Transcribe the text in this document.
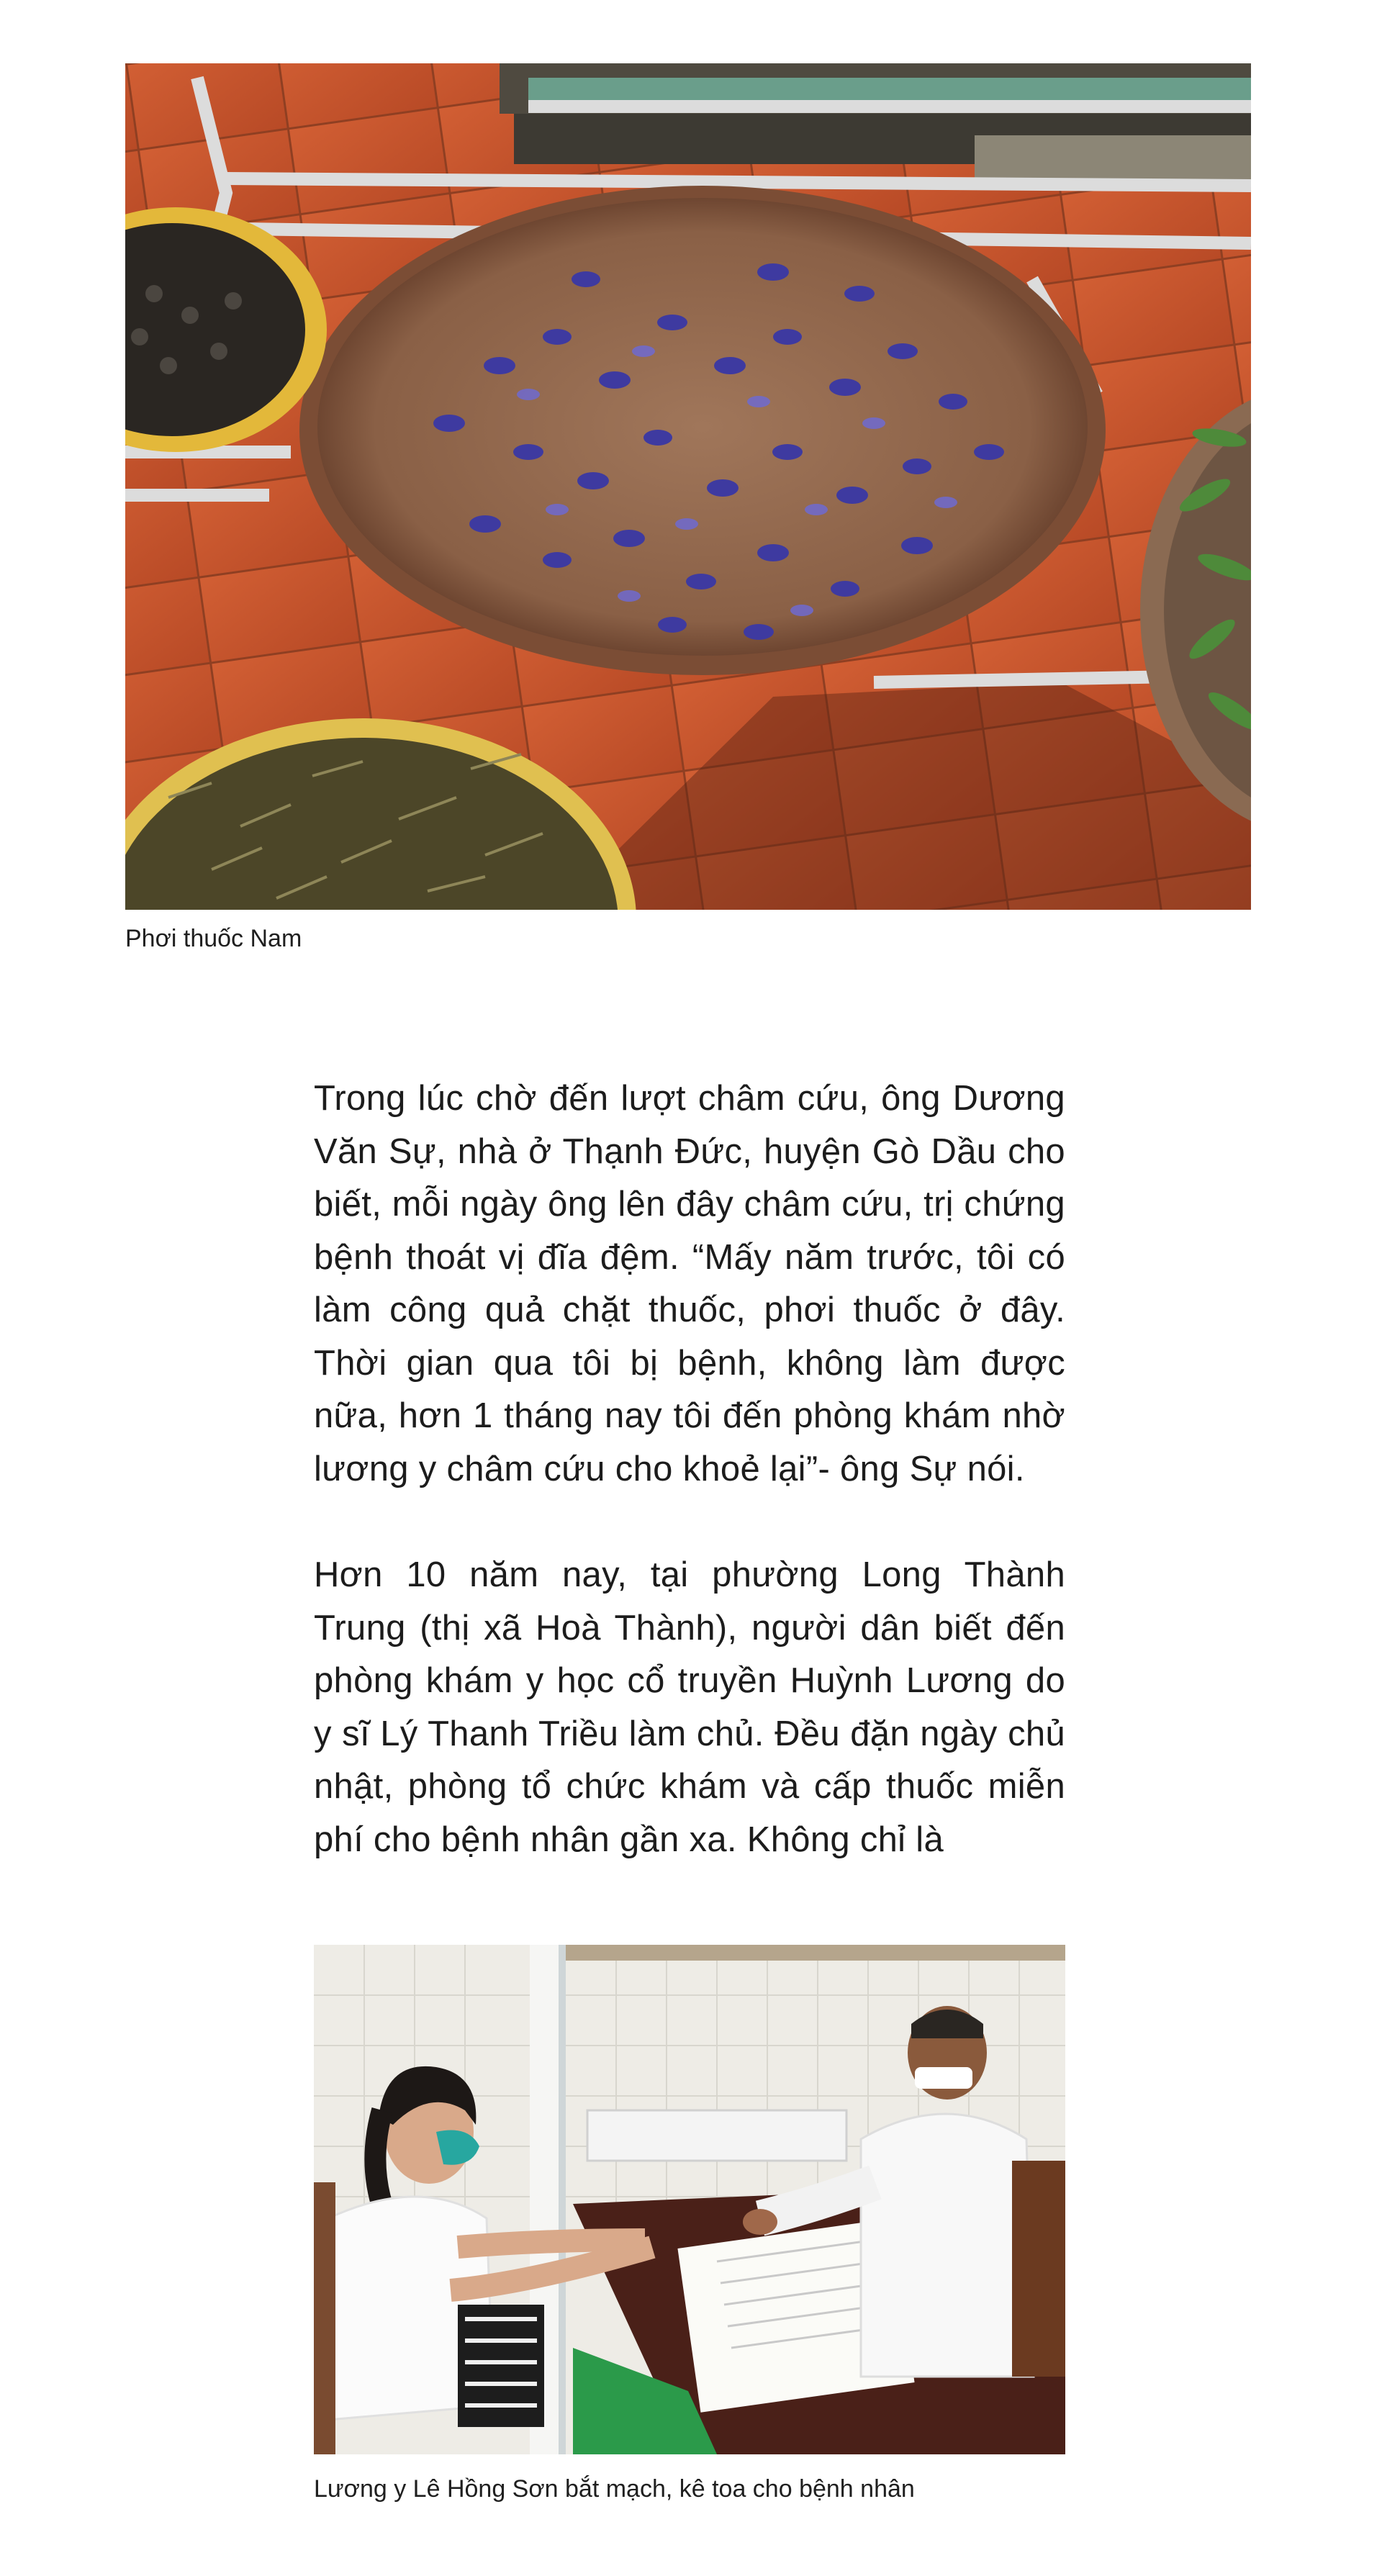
Phơi thuốc Nam

Trong lúc chờ đến lượt châm cứu, ông Dương Văn Sự, nhà ở Thạnh Đức, huyện Gò Dầu cho biết, mỗi ngày ông lên đây châm cứu, trị chứng bệnh thoát vị đĩa đệm. “Mấy năm trước, tôi có làm công quả chặt thuốc, phơi thuốc ở đây. Thời gian qua tôi bị bệnh, không làm được nữa, hơn 1 tháng nay tôi đến phòng khám nhờ lương y châm cứu cho khoẻ lại”- ông Sự nói.

Hơn 10 năm nay, tại phường Long Thành Trung (thị xã Hoà Thành), người dân biết đến phòng khám y học cổ truyền Huỳnh Lương do y sĩ Lý Thanh Triều làm chủ. Đều đặn ngày chủ nhật, phòng tổ chức khám và cấp thuốc miễn phí cho bệnh nhân gần xa. Không chỉ là

Lương y Lê Hồng Sơn bắt mạch, kê toa cho bệnh nhân
